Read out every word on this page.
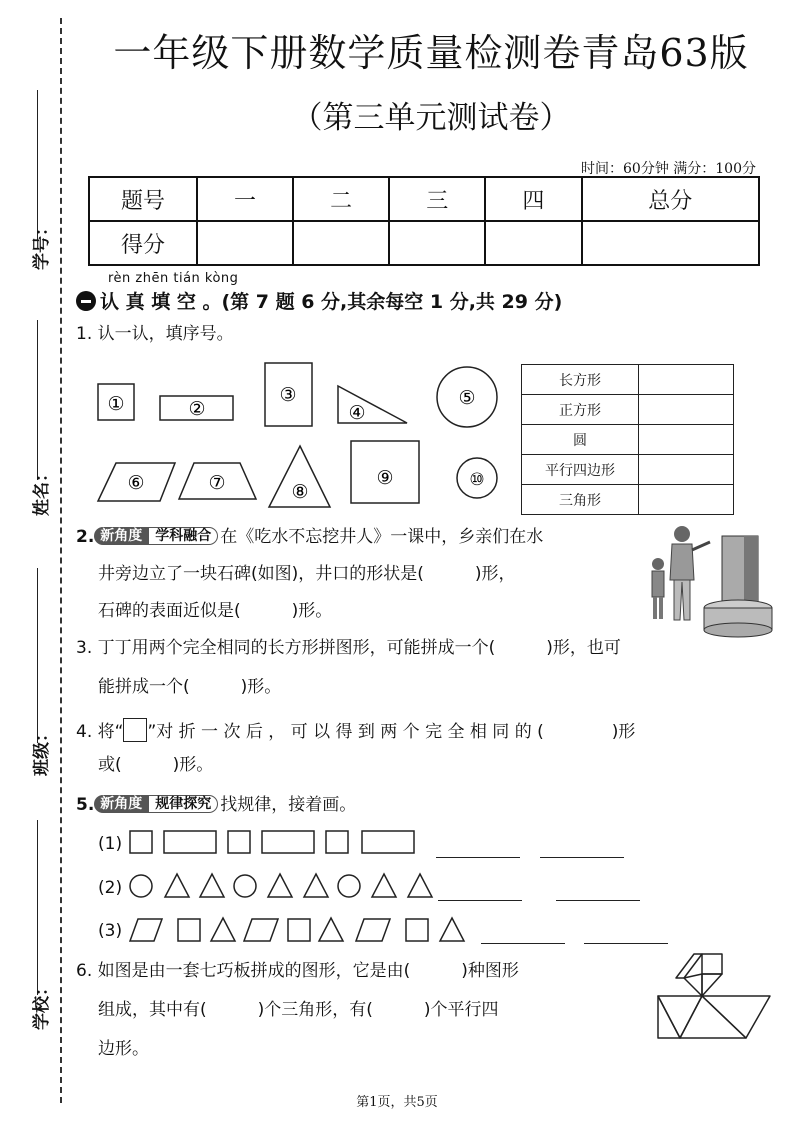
学号：
姓名：
班级：
学校：
一年级下册数学质量检测卷青岛63版
（第三单元测试卷）
时间：60分钟 满分：100分
题号	一	二	三	四	总分
得分					
rèn zhēn tián kòng
认 真 填 空 。(第 7 题 6 分,其余每空 1 分,共 29 分)
1. 认一认，填序号。
①	②
③
④
⑥	⑦	⑧
⑨
⑤
⑩
长方形	
正方形	
圆	
平行四边形	
三角形	
2. 新角度 学科融合 在《吃水不忘挖井人》一课中，乡亲们在水
井旁边立了一块石碑(如图)，井口的形状是(　　　)形，
石碑的表面近似是(　　　)形。
3. 丁丁用两个完全相同的长方形拼图形，可能拼成一个(　　　)形，也可
能拼成一个(　　　)形。
4. 将“ ”对 折 一 次 后 ， 可 以 得 到 两 个 完 全 相 同 的 (　　　　)形
或(　　　)形。
5. 新角度 规律探究 找规律，接着画。
(1)
(2)
(3)
6. 如图是由一套七巧板拼成的图形，它是由(　　　)种图形
组成，其中有(　　　)个三角形，有(　　　)个平行四
边形。
第1页，共5页
